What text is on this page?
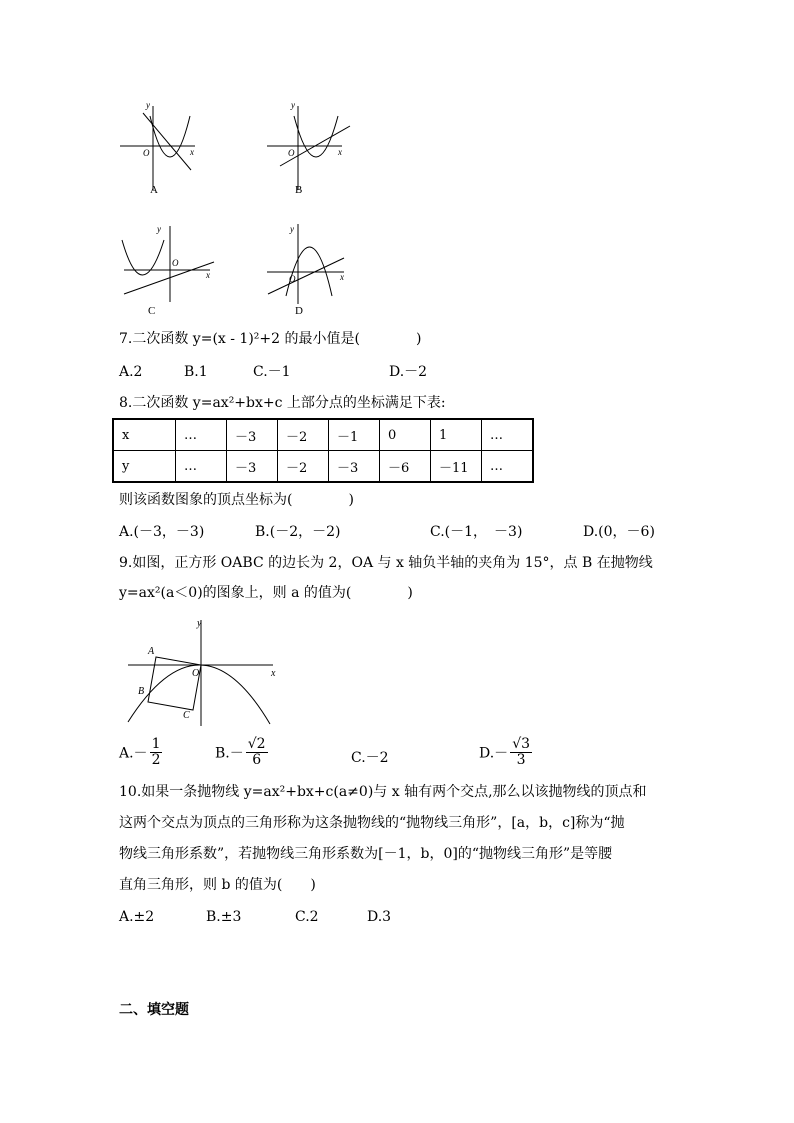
y
x
O
A
y
x
O
B
y
x
O
C
y
x
O
D
7.二次函数 y=(x - 1)²+2 的最小值是(　　　　)
A.2	B.1	C.－1	D.－2
8.二次函数 y=ax²+bx+c 上部分点的坐标满足下表:
x	…	－3	－2	－1	0	1	…
y	…	－3	－2	－3	－6	－11	…
则该函数图象的顶点坐标为(　　　　)
A.(－3，－3)	B.(－2，－2)	C.(－1，　－3)	D.(0，－6)
9.如图，正方形 OABC 的边长为 2，OA 与 x 轴负半轴的夹角为 15°，点 B 在抛物线
y=ax²(a＜0)的图象上，则 a 的值为(　　　　)
y
x
O
A
B
C
$A.- \frac{1}{2}$	$B.- \frac{√2}{6}$	C.－2	$D.- \frac{√3}{3}$
10.如果一条抛物线 y=ax²+bx+c(a≠0)与 x 轴有两个交点,那么以该抛物线的顶点和
这两个交点为顶点的三角形称为这条抛物线的“抛物线三角形”，[a，b，c]称为“抛
物线三角形系数”，若抛物线三角形系数为[－1，b，0]的“抛物线三角形”是等腰
直角三角形，则 b 的值为(　　)
A.±2	B.±3	C.2	D.3
二、填空题
